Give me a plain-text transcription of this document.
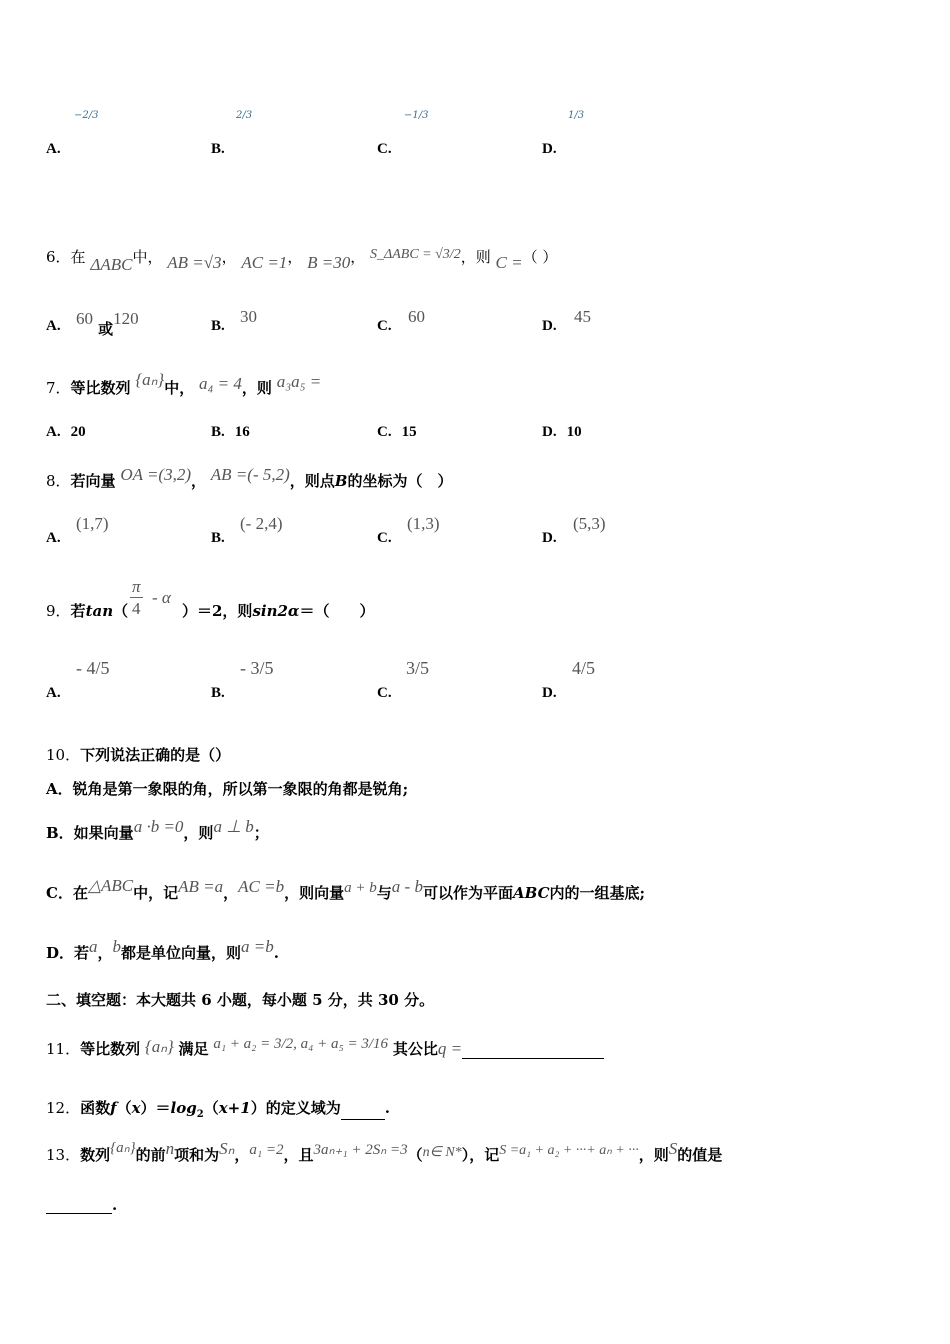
A.
−2/3
B.
2/3
C.
−1/3
D.
1/3
6．在 ΔABC中， AB =√3， AC =1， B =30， S_ΔABC = √3/2，则 C =（ ）
A. 60 或120	B. 30	C. 60	D. 45
7．等比数列 {aₙ}中， a₄ = 4，则 a₃a₅ =
A. 20	B. 16	C. 15	D. 10
8．若向量 OA =(3,2)， AB =(- 5,2)，则点B的坐标为（　）
A.
(1,7)
B.
(- 2,4)
C.
(1,3)
D.
(5,3)
9．若$\tan( \frac{\pi}{4}$ - α
）＝2，则sin2α＝（　　）
A.
- 4/5
B.
- 3/5
C.
3/5
D.
4/5
10．下列说法正确的是（）
A．锐角是第一象限的角，所以第一象限的角都是锐角;
B．如果向量a ·b =0，则a ⊥ b；
C．在△ABC中，记AB =a，AC =b，则向量a + b与a - b可以作为平面ABC内的一组基底;
D．若a，b都是单位向量，则a =b.
二、填空题：本大题共 6 小题，每小题 5 分，共 30 分。
11．等比数列 {aₙ} 满足 a₁ + a₂ = 3/2, a₄ + a₅ = 3/16 其公比q =
12．函数$f(x)=\log_2(x+1)$的定义域为	.
13．数列{aₙ}的前n项和为Sₙ，a₁ =2，且3aₙ₊₁ + 2Sₙ =3（n∈ N*），记S =a₁ + a₂ + ···+ aₙ + ···，则S的值是
.
